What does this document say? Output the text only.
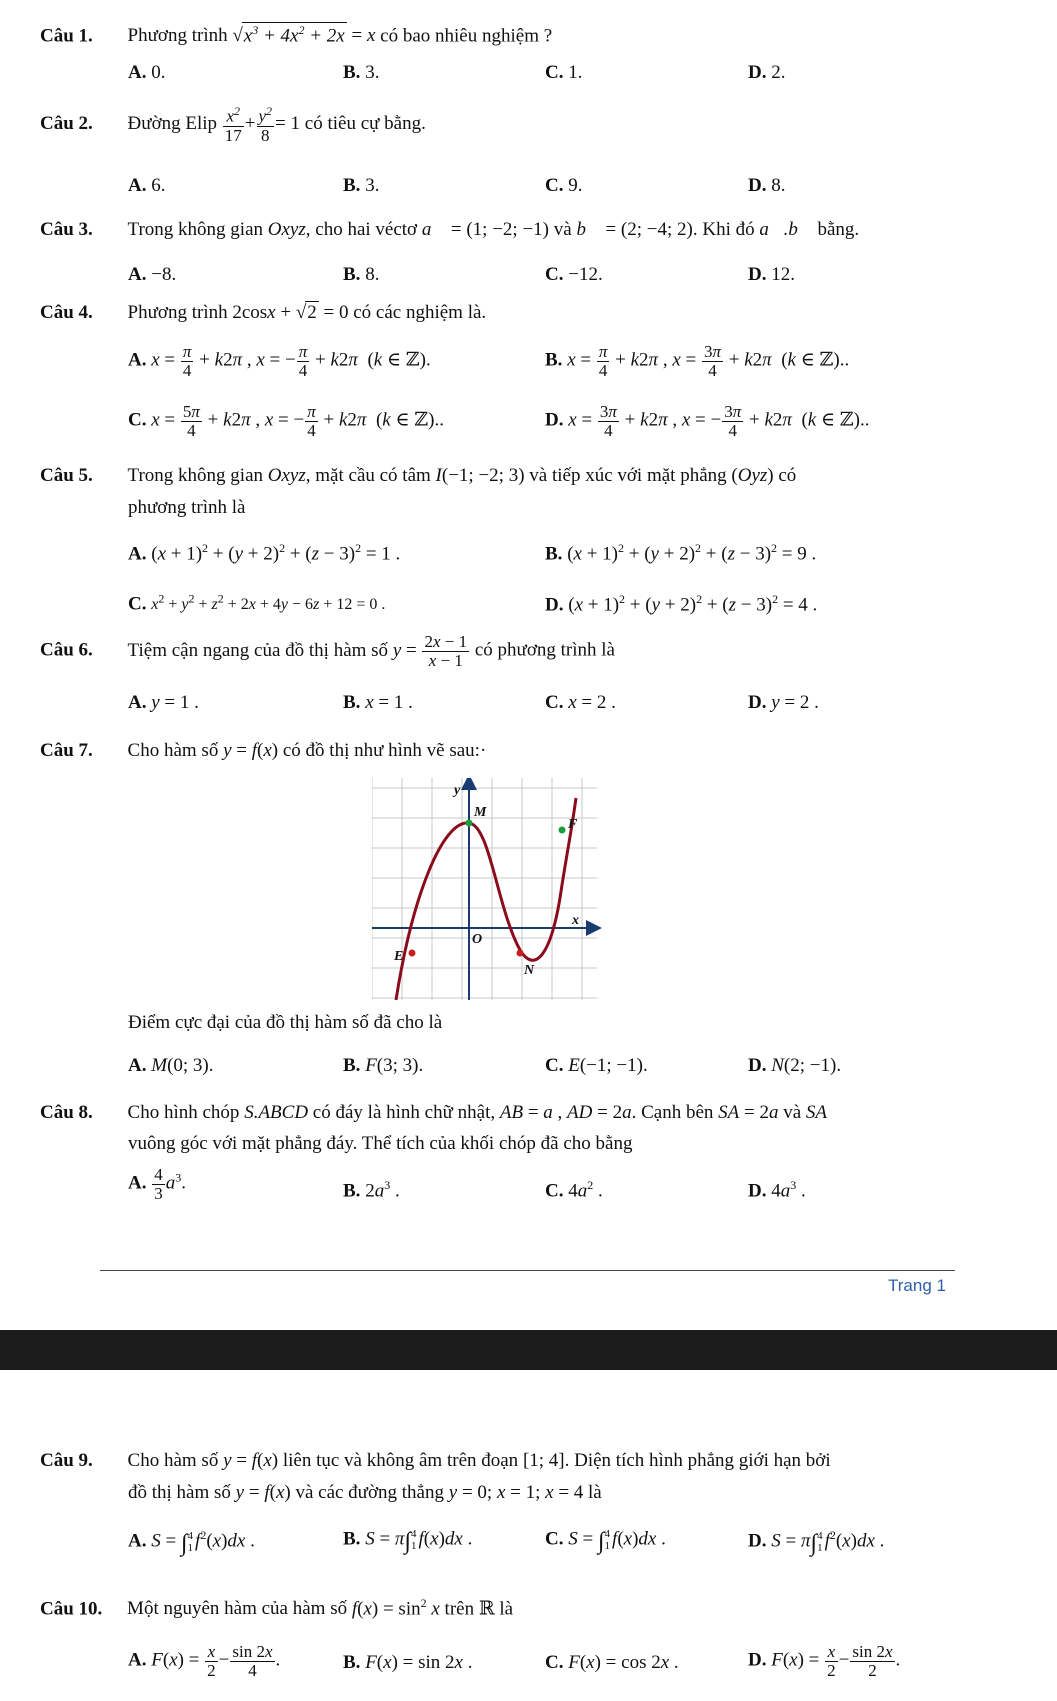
Câu 1. Phương trình $√x^3 + 4x^2 + 2x = x$ có bao nhiêu nghiệm ?
A. 0.	B. 3.	C. 1.	D. 2.
Câu 2. Đường Elip $\frac{x^2}{17} + \frac{y^2}{8} = 1$ có tiêu cự bằng.
A. 6.	B. 3.	C. 9.	D. 8.
Câu 3. Trong không gian Oxyz, cho hai véctơ a⃗ = (1; −2; −1) và b⃗ = (2; −4; 2). Khi đó a⃗.b⃗ bằng.
A. −8.	B. 8.	C. −12.	D. 12.
Câu 4. Phương trình 2cosx + √2 = 0 có các nghiệm là.
A. $x = \frac{\pi}{4} + k2\pi$ , x = − $\frac{\pi}{4} + k2\pi$  (k ∈ ℤ).	B. $x = \frac{\pi}{4} + k2\pi$ , $x = \frac{3\pi}{4} + k2\pi$  (k ∈ ℤ)..
C. $x = \frac{5\pi}{4} + k2\pi$ , x = − $\frac{\pi}{4} + k2\pi$  (k ∈ ℤ)..	D. $x = \frac{3\pi}{4} + k2\pi$ , x = − $\frac{3\pi}{4} + k2\pi$  (k ∈ ℤ)..
Câu 5. Trong không gian Oxyz, mặt cầu có tâm I(−1; −2; 3) và tiếp xúc với mặt phẳng (Oyz) có
phương trình là
A. $(x + 1)^2 + (y + 2)^2 + (z - 3)^2 = 1$ .	B. $(x + 1)^2 + (y + 2)^2 + (z - 3)^2 = 9$ .
C. $x^2 + y^2 + z^2 + 2x + 4y - 6z + 12 = 0$ .	D. $(x + 1)^2 + (y + 2)^2 + (z - 3)^2 = 4$ .
Câu 6. Tiệm cận ngang của đồ thị hàm số $y = \frac{2x - 1}{x - 1}$ có phương trình là
A. y = 1 .	B. x = 1 .	C. x = 2 .	D. y = 2 .
Câu 7. Cho hàm số y = f(x) có đồ thị như hình vẽ sau:·
y
x
O
M
F
E
N
Điểm cực đại của đồ thị hàm số đã cho là
A. M(0; 3).	B. F(3; 3).	C. E(−1; −1).	D. N(2; −1).
Câu 8. Cho hình chóp S.ABCD có đáy là hình chữ nhật, AB = a , AD = 2a. Cạnh bên SA = 2a và SA
vuông góc với mặt phẳng đáy. Thể tích của khối chóp đã cho bằng
A. $\frac{4}{3} a^3$.	B. $2a^3$ .	C. $4a^2$ .	D. $4a^3$ .
Trang 1
Câu 9. Cho hàm số y = f(x) liên tục và không âm trên đoạn [1; 4]. Diện tích hình phẳng giới hạn bởi
đồ thị hàm số y = f(x) và các đường thẳng y = 0; x = 1; x = 4 là
A. S = ∫ 4
1 $f^2(x)dx$ .	B. S = π∫ 4
1 f(x)dx .	C. S = ∫ 4
1 f(x)dx .	D. S = π∫ 4
1 $f^2(x)dx$ .
Câu 10. Một nguyên hàm của hàm số $f(x) = \sin^2 x$ trên ℝ là
A. $F(x) = \frac{x}{2} - \frac{\sin 2x}{4}$ .	B. F(x) = sin 2x .	C. F(x) = cos 2x .	D. $F(x) = \frac{x}{2} - \frac{\sin 2x}{2}$ .
